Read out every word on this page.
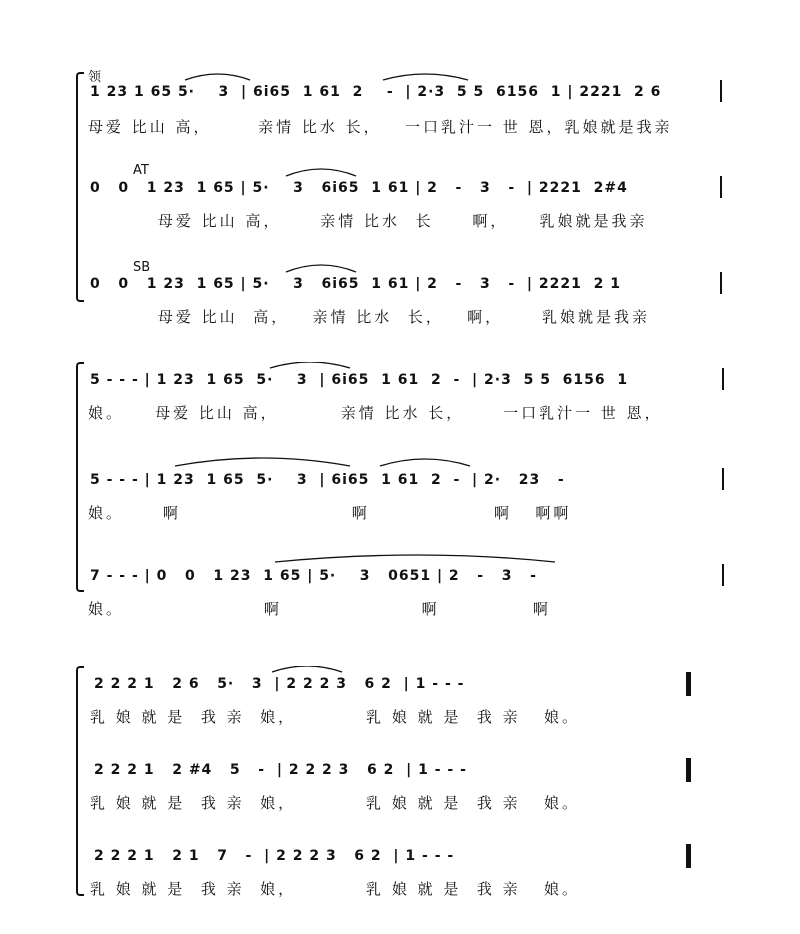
领
AT
SB
1 23 1 65 5·    3  | 6i65  1 61  2    -  | 2·3  5 5  6156  1 | 2221  2 6
母爱 比山 高，      亲情 比水 长，   一口乳汁一 世 恩，乳娘就是我亲
0   0   1 23  1 65 | 5·    3   6i65  1 61 | 2   -   3   -  | 2221  2#4
母爱 比山 高，     亲情 比水  长     啊，    乳娘就是我亲
0   0   1 23  1 65 | 5·    3   6i65  1 61 | 2   -   3   -  | 2221  2 1
母爱 比山  高，   亲情 比水  长，   啊，     乳娘就是我亲
5 - - - | 1 23  1 65  5·    3  | 6i65  1 61  2  -  | 2·3  5 5  6156  1
娘。    母爱 比山 高，        亲情 比水 长，     一口乳汁一 世 恩，
5 - - - | 1 23  1 65  5·    3  | 6i65  1 61  2  -  | 2·   23   -
娘。     啊                      啊                啊   啊啊
7 - - - | 0   0   1 23  1 65 | 5·    3   0651 | 2   -   3   -
娘。                  啊                  啊            啊
2 2 2 1   2 6   5·   3  | 2 2 2 3   6 2  | 1 - - -
乳 娘 就 是  我 亲  娘，         乳 娘 就 是  我 亲   娘。
2 2 2 1   2 #4   5   -  | 2 2 2 3   6 2  | 1 - - -
乳 娘 就 是  我 亲  娘，         乳 娘 就 是  我 亲   娘。
2 2 2 1   2 1   7   -  | 2 2 2 3   6 2  | 1 - - -
乳 娘 就 是  我 亲  娘，         乳 娘 就 是  我 亲   娘。
